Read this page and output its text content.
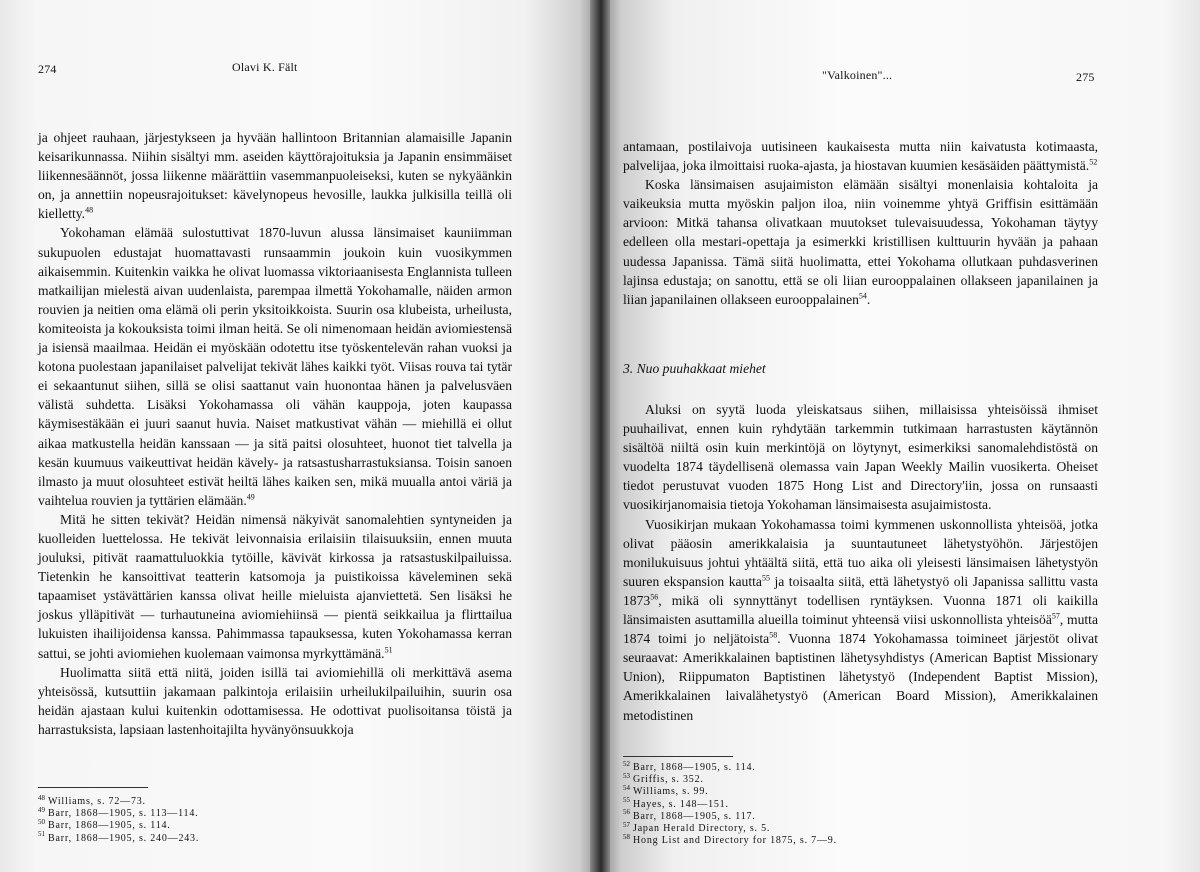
274	Olavi K. Fält

ja ohjeet rauhaan, järjestykseen ja hyvään hallintoon Britannian alamaisille Japanin keisarikunnassa. Niihin sisältyi mm. aseiden käyttörajoituksia ja Japanin ensimmäiset liikennesäännöt, jossa liikenne määrättiin vasemmanpuoleiseksi, kuten se nykyäänkin on, ja annettiin nopeusrajoitukset: kävelynopeus hevosille, laukka julkisilla teillä oli kielletty.$^{48}$

Yokohaman elämää sulostuttivat 1870-luvun alussa länsimaiset kauniimman sukupuolen edustajat huomattavasti runsaammin joukoin kuin vuosikymmen aikaisemmin. Kuitenkin vaikka he olivat luomassa viktoriaanisesta Englannista tulleen matkailijan mielestä aivan uudenlaista, parempaa ilmettä Yokohamalle, näiden armon rouvien ja neitien oma elämä oli perin yksitoikkoista. Suurin osa klubeista, urheilusta, komiteoista ja kokouksista toimi ilman heitä. Se oli nimenomaan heidän aviomiestensä ja isiensä maailmaa. Heidän ei myöskään odotettu itse työskentelevän rahan vuoksi ja kotona puolestaan japanilaiset palvelijat tekivät lähes kaikki työt. Viisas rouva tai tytär ei sekaantunut siihen, sillä se olisi saattanut vain huonontaa hänen ja palvelusväen välistä suhdetta. Lisäksi Yokohamassa oli vähän kauppoja, joten kaupassa käymisestäkään ei juuri saanut huvia. Naiset matkustivat vähän — miehillä ei ollut aikaa matkustella heidän kanssaan — ja sitä paitsi olosuhteet, huonot tiet talvella ja kesän kuumuus vaikeuttivat heidän kävely- ja ratsastusharrastuksiansa. Toisin sanoen ilmasto ja muut olosuhteet estivät heiltä lähes kaiken sen, mikä muualla antoi väriä ja vaihtelua rouvien ja tyttärien elämään.$^{49}$

Mitä he sitten tekivät? Heidän nimensä näkyivät sanomalehtien syntyneiden ja kuolleiden luettelossa. He tekivät leivonnaisia erilaisiin tilaisuuksiin, ennen muuta jouluksi, pitivät raamattuluokkia tytöille, kävivät kirkossa ja ratsastuskilpailuissa. Tietenkin he kansoittivat teatterin katsomoja ja puistikoissa käveleminen sekä tapaamiset ystävättärien kanssa olivat heille mieluista ajanviettetä. Sen lisäksi he joskus ylläpitivät — turhautuneina aviomiehiinsä — pientä seikkailua ja flirttailua lukuisten ihailijoidensa kanssa. Pahimmassa tapauksessa, kuten Yokohamassa kerran sattui, se johti aviomiehen kuolemaan vaimonsa myrkyttämänä.$^{51}$

Huolimatta siitä että niitä, joiden isillä tai aviomiehillä oli merkittävä asema yhteisössä, kutsuttiin jakamaan palkintoja erilaisiin urheilukilpailuihin, suurin osa heidän ajastaan kului kuitenkin odottamisessa. He odottivat puolisoitansa töistä ja harrastuksista, lapsiaan lastenhoitajilta hyvänyönsuukkoja

$^{48}$ Williams, s. 72—73.
$^{49}$ Barr, 1868—1905, s. 113—114.
$^{50}$ Barr, 1868—1905, s. 114.
$^{51}$ Barr, 1868—1905, s. 240—243.
"Valkoinen"...	275

antamaan, postilaivoja uutisineen kaukaisesta mutta niin kaivatusta kotimaasta, palvelijaa, joka ilmoittaisi ruoka-ajasta, ja hiostavan kuumien kesäsäiden päättymistä.$^{52}$

Koska länsimaisen asujaimiston elämään sisältyi monenlaisia kohtaloita ja vaikeuksia mutta myöskin paljon iloa, niin voinemme yhtyä Griffisin esittämään arvioon: Mitkä tahansa olivatkaan muutokset tulevaisuudessa, Yokohaman täytyy edelleen olla mestari-opettaja ja esimerkki kristillisen kulttuurin hyvään ja pahaan uudessa Japanissa. Tämä siitä huolimatta, ettei Yokohama ollutkaan puhdasverinen lajinsa edustaja; on sanottu, että se oli liian eurooppalainen ollakseen japanilainen ja liian japanilainen ollakseen eurooppalainen$^{54}$.

3. Nuo puuhakkaat miehet

Aluksi on syytä luoda yleiskatsaus siihen, millaisissa yhteisöissä ihmiset puuhailivat, ennen kuin ryhdytään tarkemmin tutkimaan harrastusten käytännön sisältöä niiltä osin kuin merkintöjä on löytynyt, esimerkiksi sanomalehdistöstä on vuodelta 1874 täydellisenä olemassa vain Japan Weekly Mailin vuosikerta. Oheiset tiedot perustuvat vuoden 1875 Hong List and Directory'iin, jossa on runsaasti vuosikirjanomaisia tietoja Yokohaman länsimaisesta asujaimistosta.

Vuosikirjan mukaan Yokohamassa toimi kymmenen uskonnollista yhteisöä, jotka olivat pääosin amerikkalaisia ja suuntautuneet lähetystyöhön. Järjestöjen monilukuisuus johtui yhtäältä siitä, että tuo aika oli yleisesti länsimaisen lähetystyön suuren ekspansion kautta$^{55}$ ja toisaalta siitä, että lähetystyö oli Japanissa sallittu vasta 1873$^{56}$, mikä oli synnyttänyt todellisen ryntäyksen. Vuonna 1871 oli kaikilla länsimaisten asuttamilla alueilla toiminut yhteensä viisi uskonnollista yhteisöä$^{57}$, mutta 1874 toimi jo neljätoista$^{58}$. Vuonna 1874 Yokohamassa toimineet järjestöt olivat seuraavat: Amerikkalainen baptistinen lähetysyhdistys (American Baptist Missionary Union), Riippumaton Baptistinen lähetystyö (Independent Baptist Mission), Amerikkalainen laivalähetystyö (American Board Mission), Amerikkalainen metodistinen

$^{52}$ Barr, 1868—1905, s. 114.
$^{53}$ Griffis, s. 352.
$^{54}$ Williams, s. 99.
$^{55}$ Hayes, s. 148—151.
$^{56}$ Barr, 1868—1905, s. 117.
$^{57}$ Japan Herald Directory, s. 5.
$^{58}$ Hong List and Directory for 1875, s. 7—9.
